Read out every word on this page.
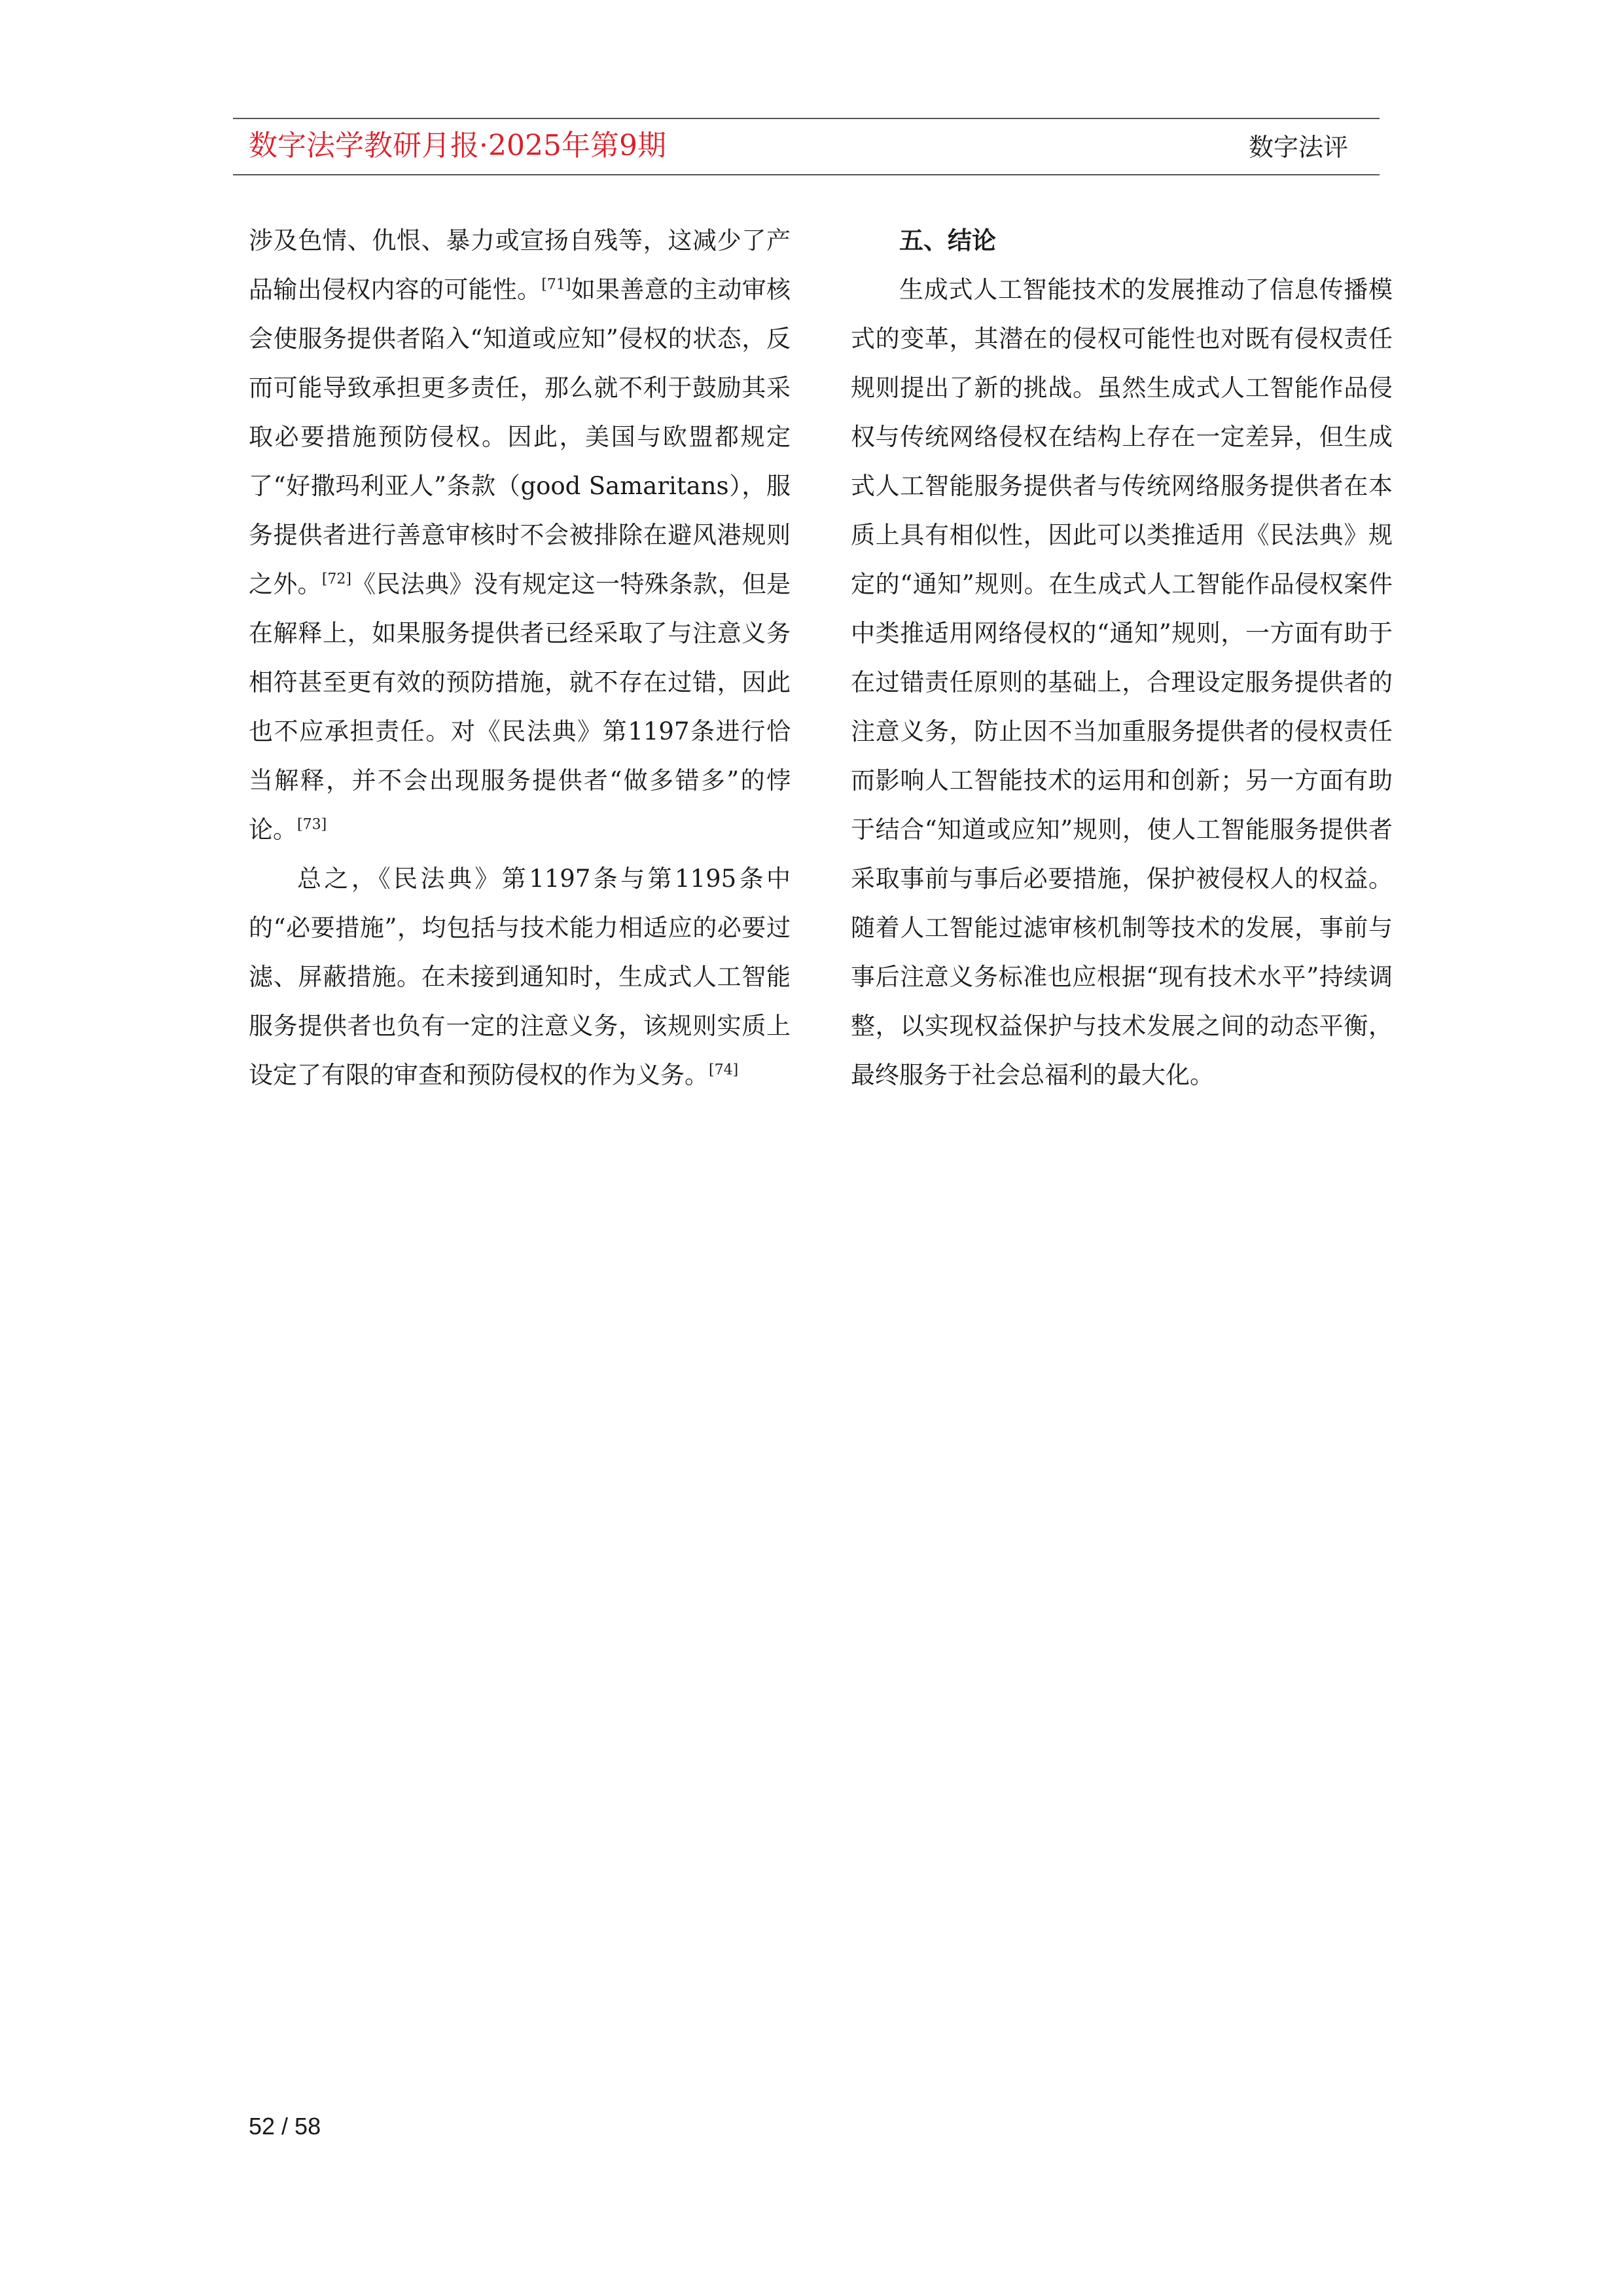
数字法学教研月报·2025年第9期	数字法评

涉及色情、仇恨、暴力或宣扬自残等，这减少了产品输出侵权内容的可能性。[71]如果善意的主动审核会使服务提供者陷入“知道或应知”侵权的状态，反而可能导致承担更多责任，那么就不利于鼓励其采取必要措施预防侵权。因此，美国与欧盟都规定了“好撒玛利亚人”条款（good Samaritans），服务提供者进行善意审核时不会被排除在避风港规则之外。[72]《民法典》没有规定这一特殊条款，但是在解释上，如果服务提供者已经采取了与注意义务相符甚至更有效的预防措施，就不存在过错，因此也不应承担责任。对《民法典》第1197条进行恰当解释，并不会出现服务提供者“做多错多”的悖论。[73]

总之，《民法典》第1197条与第1195条中的“必要措施”，均包括与技术能力相适应的必要过滤、屏蔽措施。在未接到通知时，生成式人工智能服务提供者也负有一定的注意义务，该规则实质上设定了有限的审查和预防侵权的作为义务。[74]

五、结论

生成式人工智能技术的发展推动了信息传播模式的变革，其潜在的侵权可能性也对既有侵权责任规则提出了新的挑战。虽然生成式人工智能作品侵权与传统网络侵权在结构上存在一定差异，但生成式人工智能服务提供者与传统网络服务提供者在本质上具有相似性，因此可以类推适用《民法典》规定的“通知”规则。在生成式人工智能作品侵权案件中类推适用网络侵权的“通知”规则，一方面有助于在过错责任原则的基础上，合理设定服务提供者的注意义务，防止因不当加重服务提供者的侵权责任而影响人工智能技术的运用和创新；另一方面有助于结合“知道或应知”规则，使人工智能服务提供者采取事前与事后必要措施，保护被侵权人的权益。随着人工智能过滤审核机制等技术的发展，事前与事后注意义务标准也应根据“现有技术水平”持续调整，以实现权益保护与技术发展之间的动态平衡，最终服务于社会总福利的最大化。

52 / 58
